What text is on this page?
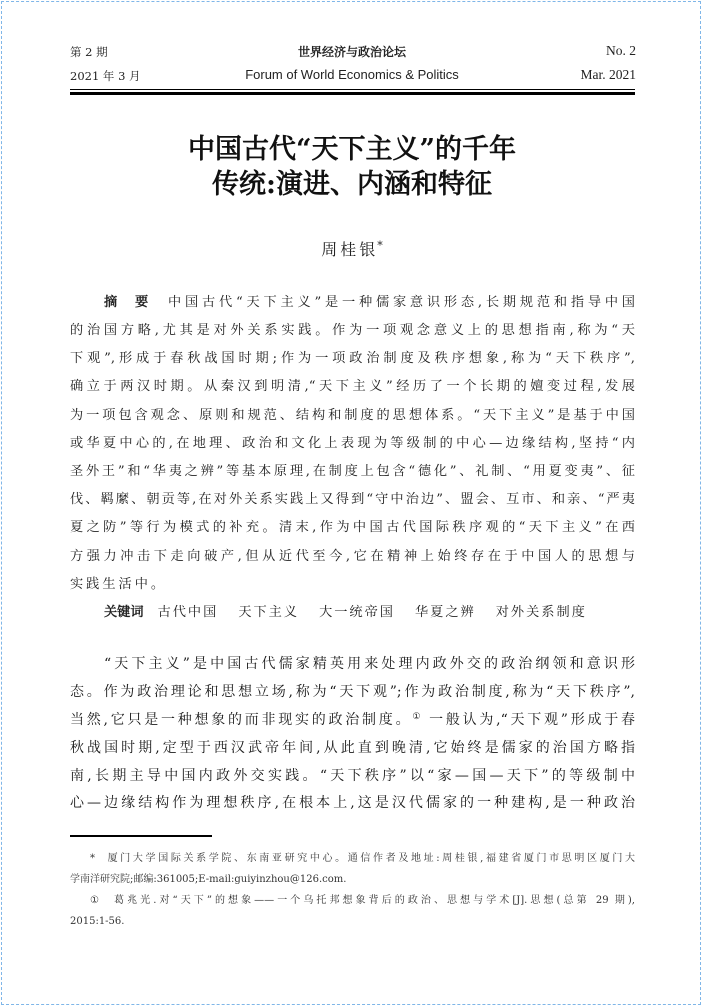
第 2 期
2021 年 3 月
世界经济与政治论坛
Forum of World Economics & Politics
No. 2
Mar. 2021
中国古代“天下主义”的千年
传统:演进、内涵和特征
周桂银*
摘要 中国古代“天下主义”是一种儒家意识形态,长期规范和指导中国
的治国方略,尤其是对外关系实践。作为一项观念意义上的思想指南,称为“天
下观”,形成于春秋战国时期;作为一项政治制度及秩序想象,称为“天下秩序”,
确立于两汉时期。从秦汉到明清,“天下主义”经历了一个长期的嬗变过程,发展
为一项包含观念、原则和规范、结构和制度的思想体系。“天下主义”是基于中国
或华夏中心的,在地理、政治和文化上表现为等级制的中心—边缘结构,坚持“内
圣外王”和“华夷之辨”等基本原理,在制度上包含“德化”、礼制、“用夏变夷”、征
伐、羁縻、朝贡等,在对外关系实践上又得到“守中治边”、盟会、互市、和亲、“严夷
夏之防”等行为模式的补充。清末,作为中国古代国际秩序观的“天下主义”在西
方强力冲击下走向破产,但从近代至今,它在精神上始终存在于中国人的思想与
实践生活中。
关键词 古代中国 天下主义 大一统帝国 华夏之辨 对外关系制度
“天下主义”是中国古代儒家精英用来处理内政外交的政治纲领和意识形
态。作为政治理论和思想立场,称为“天下观”;作为政治制度,称为“天下秩序”,
当然,它只是一种想象的而非现实的政治制度。① 一般认为,“天下观”形成于春
秋战国时期,定型于西汉武帝年间,从此直到晚清,它始终是儒家的治国方略指
南,长期主导中国内政外交实践。“天下秩序”以“家—国—天下”的等级制中
心—边缘结构作为理想秩序,在根本上,这是汉代儒家的一种建构,是一种政治
* 厦门大学国际关系学院、东南亚研究中心。通信作者及地址:周桂银,福建省厦门市思明区厦门大
学南洋研究院;邮编:361005;E-mail:guiyinzhou@126.com.
① 葛兆光.对“天下”的想象——一个乌托邦想象背后的政治、思想与学术[J].思想(总第 29 期),
2015:1-56.
